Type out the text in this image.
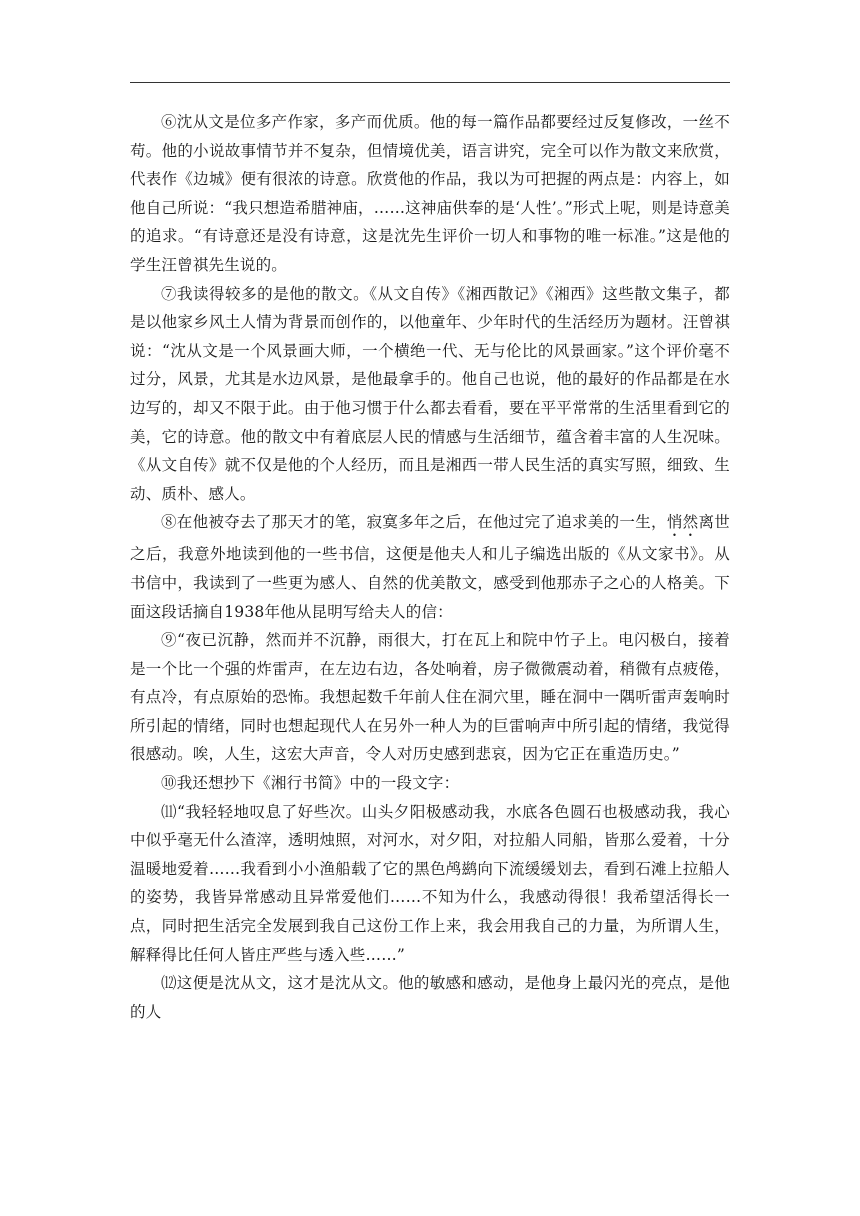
⑥沈从文是位多产作家，多产而优质。他的每一篇作品都要经过反复修改，一丝不苟。他的小说故事情节并不复杂，但情境优美，语言讲究，完全可以作为散文来欣赏，代表作《边城》便有很浓的诗意。欣赏他的作品，我以为可把握的两点是：内容上，如他自己所说：“我只想造希腊神庙，……这神庙供奉的是‘人性’。”形式上呢，则是诗意美的追求。“有诗意还是没有诗意，这是沈先生评价一切人和事物的唯一标准。”这是他的学生汪曾祺先生说的。

⑦我读得较多的是他的散文。《从文自传》《湘西散记》《湘西》这些散文集子，都是以他家乡风土人情为背景而创作的，以他童年、少年时代的生活经历为题材。汪曾祺说：“沈从文是一个风景画大师，一个横绝一代、无与伦比的风景画家。”这个评价毫不过分，风景，尤其是水边风景，是他最拿手的。他自己也说，他的最好的作品都是在水边写的，却又不限于此。由于他习惯于什么都去看看，要在平平常常的生活里看到它的美，它的诗意。他的散文中有着底层人民的情感与生活细节，蕴含着丰富的人生况味。《从文自传》就不仅是他的个人经历，而且是湘西一带人民生活的真实写照，细致、生动、质朴、感人。

⑧在他被夺去了那天才的笔，寂寞多年之后，在他过完了追求美的一生，悄然离世之后，我意外地读到他的一些书信，这便是他夫人和儿子编选出版的《从文家书》。从书信中，我读到了一些更为感人、自然的优美散文，感受到他那赤子之心的人格美。下面这段话摘自1938年他从昆明写给夫人的信：

⑨“夜已沉静，然而并不沉静，雨很大，打在瓦上和院中竹子上。电闪极白，接着是一个比一个强的炸雷声，在左边右边，各处响着，房子微微震动着，稍微有点疲倦，有点冷，有点原始的恐怖。我想起数千年前人住在洞穴里，睡在洞中一隅听雷声轰响时所引起的情绪，同时也想起现代人在另外一种人为的巨雷响声中所引起的情绪，我觉得很感动。唉，人生，这宏大声音，令人对历史感到悲哀，因为它正在重造历史。”

⑩我还想抄下《湘行书简》中的一段文字：

⑾“我轻轻地叹息了好些次。山头夕阳极感动我，水底各色圆石也极感动我，我心中似乎毫无什么渣滓，透明烛照，对河水，对夕阳，对拉船人同船，皆那么爱着，十分温暖地爱着……我看到小小渔船载了它的黑色鸬鹚向下流缓缓划去，看到石滩上拉船人的姿势，我皆异常感动且异常爱他们……不知为什么，我感动得很！我希望活得长一点，同时把生活完全发展到我自己这份工作上来，我会用我自己的力量，为所谓人生，解释得比任何人皆庄严些与透入些……”

⑿这便是沈从文，这才是沈从文。他的敏感和感动，是他身上最闪光的亮点，是他的人
